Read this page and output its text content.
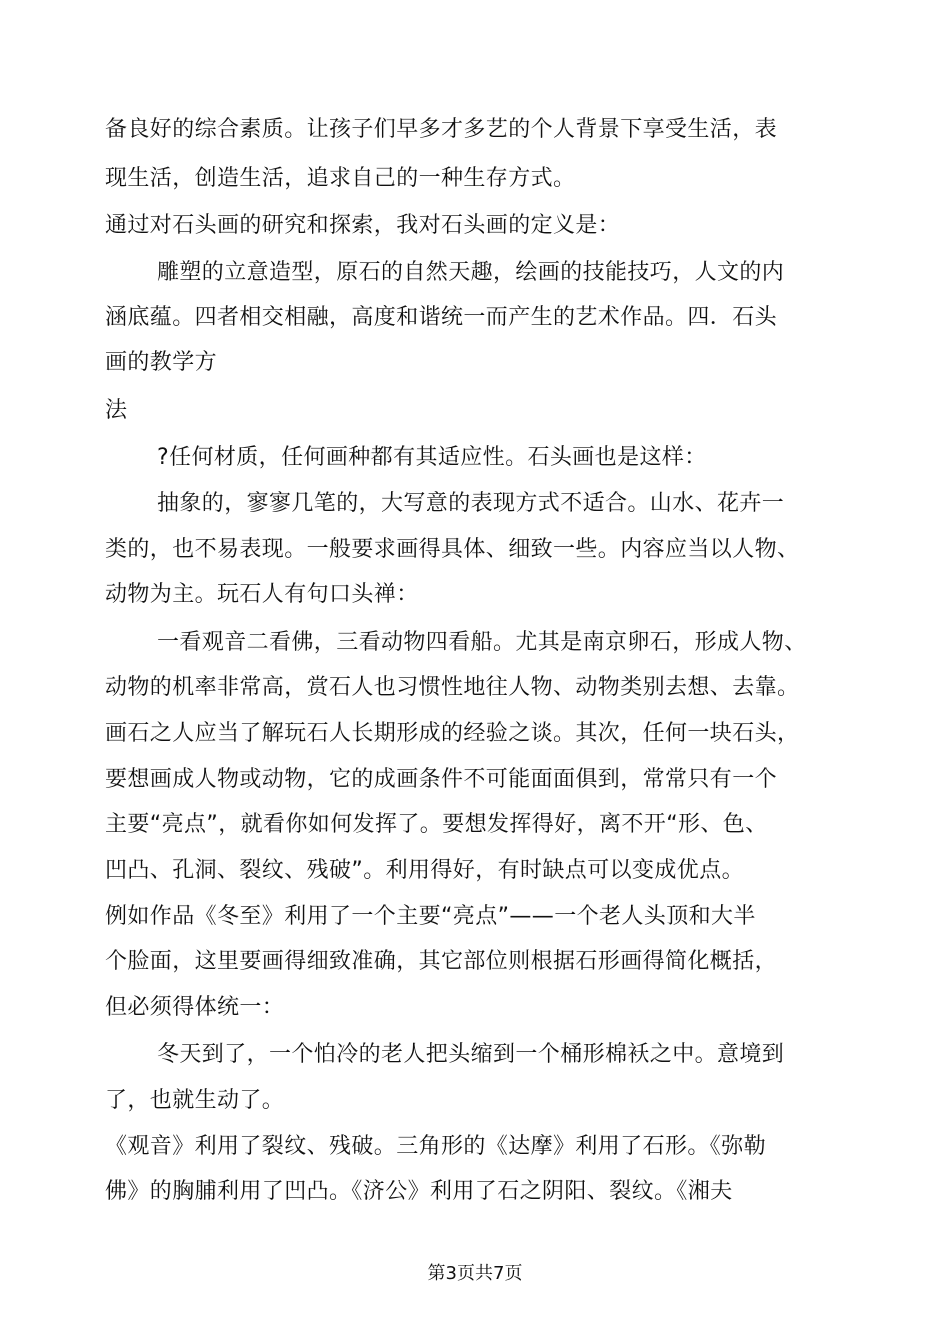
备良好的综合素质。让孩子们早多才多艺的个人背景下享受生活，表
现生活，创造生活，追求自己的一种生存方式。
通过对石头画的研究和探索，我对石头画的定义是：
雕塑的立意造型，原石的自然天趣，绘画的技能技巧，人文的内
涵底蕴。四者相交相融，高度和谐统一而产生的艺术作品。四．石头
画的教学方
法
?任何材质，任何画种都有其适应性。石头画也是这样：
抽象的，寥寥几笔的，大写意的表现方式不适合。山水、花卉一
类的，也不易表现。一般要求画得具体、细致一些。内容应当以人物、
动物为主。玩石人有句口头禅：
一看观音二看佛，三看动物四看船。尤其是南京卵石，形成人物、
动物的机率非常高，赏石人也习惯性地往人物、动物类别去想、去靠。
画石之人应当了解玩石人长期形成的经验之谈。其次，任何一块石头，
要想画成人物或动物，它的成画条件不可能面面俱到，常常只有一个
主要“亮点”，就看你如何发挥了。要想发挥得好，离不开“形、色、
凹凸、孔洞、裂纹、残破”。利用得好，有时缺点可以变成优点。
例如作品《冬至》利用了一个主要“亮点”——一个老人头顶和大半
个脸面，这里要画得细致准确，其它部位则根据石形画得简化概括，
但必须得体统一：
冬天到了，一个怕冷的老人把头缩到一个桶形棉袄之中。意境到
了，也就生动了。
《观音》利用了裂纹、残破。三角形的《达摩》利用了石形。《弥勒
佛》的胸脯利用了凹凸。《济公》利用了石之阴阳、裂纹。《湘夫
第3页共7页
